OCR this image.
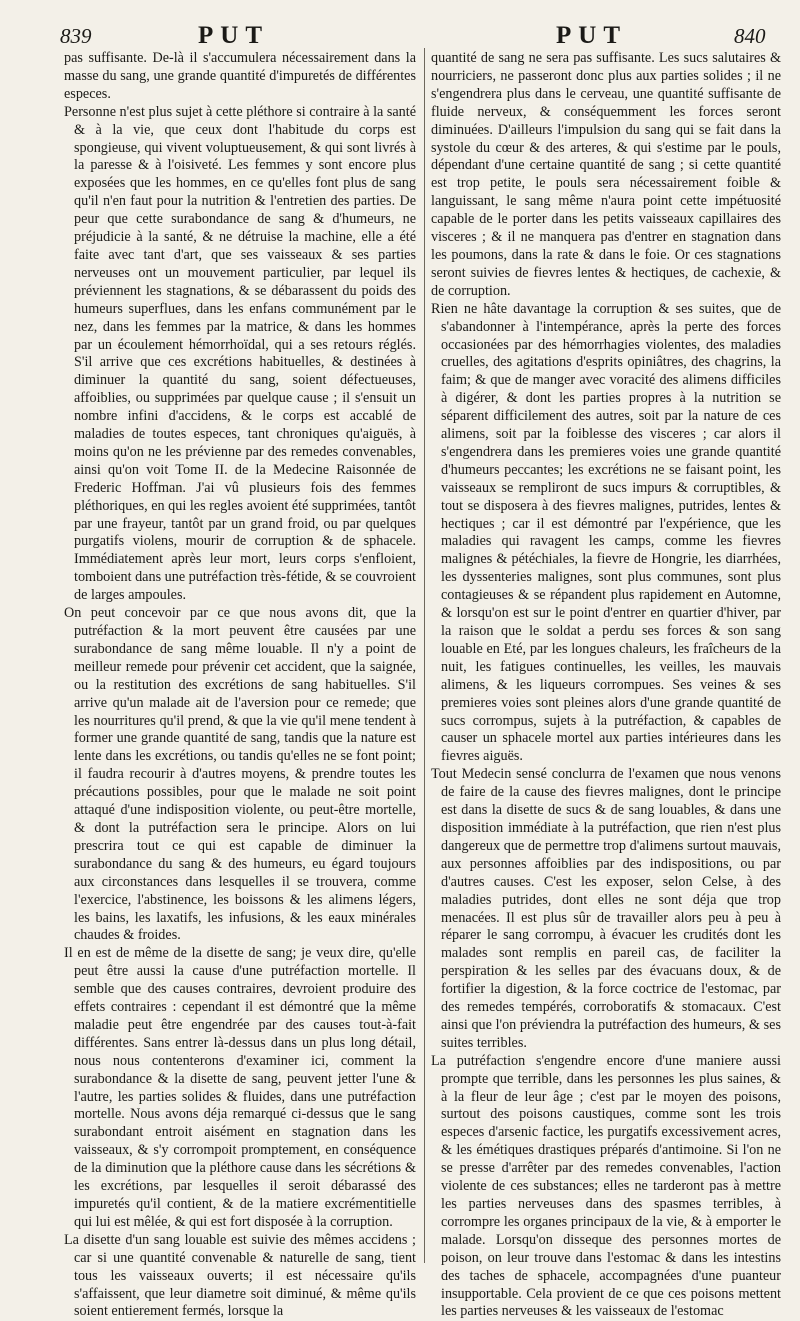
839	PUT	PUT	840

pas suffisante. De-là il s'accumulera nécessairement dans la masse du sang, une grande quantité d'impuretés de différentes especes.

Personne n'est plus sujet à cette pléthore si contraire à la santé & à la vie, que ceux dont l'habitude du corps est spongieuse, qui vivent voluptueusement, & qui sont livrés à la paresse & à l'oisiveté. Les femmes y sont encore plus exposées que les hommes, en ce qu'elles font plus de sang qu'il n'en faut pour la nutrition & l'entretien des parties. De peur que cette surabondance de sang & d'humeurs, ne préjudicie à la santé, & ne détruise la machine, elle a été faite avec tant d'art, que ses vaisseaux & ses parties nerveuses ont un mouvement particulier, par lequel ils préviennent les stagnations, & se débarassent du poids des humeurs superflues, dans les enfans communément par le nez, dans les femmes par la matrice, & dans les hommes par un écoulement hémorrhoïdal, qui a ses retours réglés. S'il arrive que ces excrétions habituelles, & destinées à diminuer la quantité du sang, soient défectueuses, affoiblies, ou supprimées par quelque cause ; il s'ensuit un nombre infini d'accidens, & le corps est accablé de maladies de toutes especes, tant chroniques qu'aiguës, à moins qu'on ne les prévienne par des remedes convenables, ainsi qu'on voit Tome II. de la Medecine Raisonnée de Frederic Hoffman. J'ai vû plusieurs fois des femmes pléthoriques, en qui les regles avoient été supprimées, tantôt par une frayeur, tantôt par un grand froid, ou par quelques purgatifs violens, mourir de corruption & de sphacele. Immédiatement après leur mort, leurs corps s'enfloient, tomboient dans une putréfaction très-fétide, & se couvroient de larges ampoules.

On peut concevoir par ce que nous avons dit, que la putréfaction & la mort peuvent être causées par une surabondance de sang même louable. Il n'y a point de meilleur remede pour prévenir cet accident, que la saignée, ou la restitution des excrétions de sang habituelles. S'il arrive qu'un malade ait de l'aversion pour ce remede; que les nourritures qu'il prend, & que la vie qu'il mene tendent à former une grande quantité de sang, tandis que la nature est lente dans les excrétions, ou tandis qu'elles ne se font point; il faudra recourir à d'autres moyens, & prendre toutes les précautions possibles, pour que le malade ne soit point attaqué d'une indisposition violente, ou peut-être mortelle, & dont la putréfaction sera le principe. Alors on lui prescrira tout ce qui est capable de diminuer la surabondance du sang & des humeurs, eu égard toujours aux circonstances dans lesquelles il se trouvera, comme l'exercice, l'abstinence, les boissons & les alimens légers, les bains, les laxatifs, les infusions, & les eaux minérales chaudes & froides.

Il en est de même de la disette de sang; je veux dire, qu'elle peut être aussi la cause d'une putréfaction mortelle. Il semble que des causes contraires, devroient produire des effets contraires : cependant il est démontré que la même maladie peut être engendrée par des causes tout-à-fait différentes. Sans entrer là-dessus dans un plus long détail, nous nous contenterons d'examiner ici, comment la surabondance & la disette de sang, peuvent jetter l'une & l'autre, les parties solides & fluides, dans une putréfaction mortelle. Nous avons déja remarqué ci-dessus que le sang surabondant entroit aisément en stagnation dans les vaisseaux, & s'y corrompoit promptement, en conséquence de la diminution que la pléthore cause dans les sécrétions & les excrétions, par lesquelles il seroit débarassé des impuretés qu'il contient, & de la matiere excrémentitielle qui lui est mêlée, & qui est fort disposée à la corruption.

La disette d'un sang louable est suivie des mêmes accidens ; car si une quantité convenable & naturelle de sang, tient tous les vaisseaux ouverts; il est nécessaire qu'ils s'affaissent, que leur diametre soit diminué, & même qu'ils soient entierement fermés, lorsque la

quantité de sang ne sera pas suffisante. Les sucs salutaires & nourriciers, ne passeront donc plus aux parties solides ; il ne s'engendrera plus dans le cerveau, une quantité suffisante de fluide nerveux, & conséquemment les forces seront diminuées. D'ailleurs l'impulsion du sang qui se fait dans la systole du cœur & des arteres, & qui s'estime par le pouls, dépendant d'une certaine quantité de sang ; si cette quantité est trop petite, le pouls sera nécessairement foible & languissant, le sang même n'aura point cette impétuosité capable de le porter dans les petits vaisseaux capillaires des visceres ; & il ne manquera pas d'entrer en stagnation dans les poumons, dans la rate & dans le foie. Or ces stagnations seront suivies de fievres lentes & hectiques, de cachexie, & de corruption.

Rien ne hâte davantage la corruption & ses suites, que de s'abandonner à l'intempérance, après la perte des forces occasionées par des hémorrhagies violentes, des maladies cruelles, des agitations d'esprits opiniâtres, des chagrins, la faim; & que de manger avec voracité des alimens difficiles à digérer, & dont les parties propres à la nutrition se séparent difficilement des autres, soit par la nature de ces alimens, soit par la foiblesse des visceres ; car alors il s'engendrera dans les premieres voies une grande quantité d'humeurs peccantes; les excrétions ne se faisant point, les vaisseaux se rempliront de sucs impurs & corruptibles, & tout se disposera à des fievres malignes, putrides, lentes & hectiques ; car il est démontré par l'expérience, que les maladies qui ravagent les camps, comme les fievres malignes & pétéchiales, la fievre de Hongrie, les diarrhées, les dyssenteries malignes, sont plus communes, sont plus contagieuses & se répandent plus rapidement en Automne, & lorsqu'on est sur le point d'entrer en quartier d'hiver, par la raison que le soldat a perdu ses forces & son sang louable en Eté, par les longues chaleurs, les fraîcheurs de la nuit, les fatigues continuelles, les veilles, les mauvais alimens, & les liqueurs corrompues. Ses veines & ses premieres voies sont pleines alors d'une grande quantité de sucs corrompus, sujets à la putréfaction, & capables de causer un sphacele mortel aux parties intérieures dans les fievres aiguës.

Tout Medecin sensé conclurra de l'examen que nous venons de faire de la cause des fievres malignes, dont le principe est dans la disette de sucs & de sang louables, & dans une disposition immédiate à la putréfaction, que rien n'est plus dangereux que de permettre trop d'alimens surtout mauvais, aux personnes affoiblies par des indispositions, ou par d'autres causes. C'est les exposer, selon Celse, à des maladies putrides, dont elles ne sont déja que trop menacées. Il est plus sûr de travailler alors peu à peu à réparer le sang corrompu, à évacuer les crudités dont les malades sont remplis en pareil cas, de faciliter la perspiration & les selles par des évacuans doux, & de fortifier la digestion, & la force coctrice de l'estomac, par des remedes tempérés, corroboratifs & stomacaux. C'est ainsi que l'on préviendra la putréfaction des humeurs, & ses suites terribles.

La putréfaction s'engendre encore d'une maniere aussi prompte que terrible, dans les personnes les plus saines, & à la fleur de leur âge ; c'est par le moyen des poisons, surtout des poisons caustiques, comme sont les trois especes d'arsenic factice, les purgatifs excessivement acres, & les émétiques drastiques préparés d'antimoine. Si l'on ne se presse d'arrêter par des remedes convenables, l'action violente de ces substances; elles ne tarderont pas à mettre les parties nerveuses dans des spasmes terribles, à corrompre les organes principaux de la vie, & à emporter le malade. Lorsqu'on disseque des personnes mortes de poison, on leur trouve dans l'estomac & dans les intestins des taches de sphacele, accompagnées d'une puanteur insupportable. Cela provient de ce que ces poisons mettent les parties nerveuses & les vaisseaux de l'estomac
